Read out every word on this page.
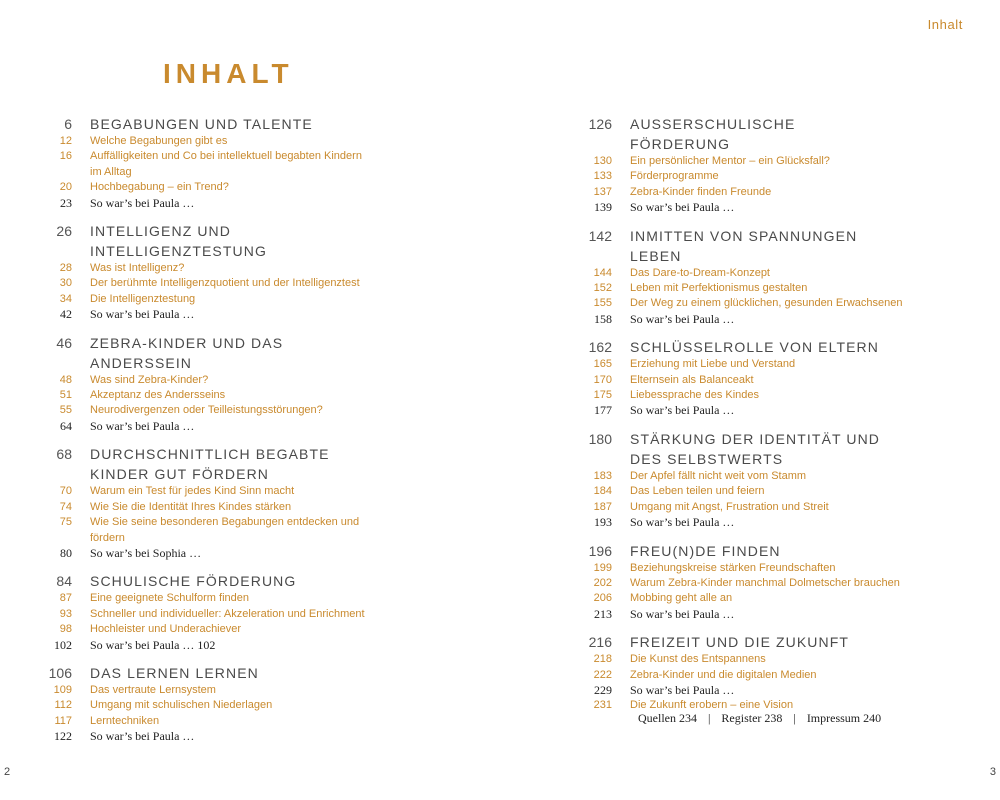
Inhalt
INHALT
6 BEGABUNGEN UND TALENTE
12 Welche Begabungen gibt es
16 Auffälligkeiten und Co bei intellektuell begabten Kindern im Alltag
20 Hochbegabung – ein Trend?
23 So war’s bei Paula …
26 INTELLIGENZ UND INTELLIGENZTESTUNG
28 Was ist Intelligenz?
30 Der berühmte Intelligenzquotient und der Intelligenztest
34 Die Intelligenztestung
42 So war’s bei Paula …
46 ZEBRA-KINDER UND DAS ANDERSSEIN
48 Was sind Zebra-Kinder?
51 Akzeptanz des Andersseins
55 Neurodivergenzen oder Teilleistungsstörungen?
64 So war’s bei Paula …
68 DURCHSCHNITTLICH BEGABTE KINDER GUT FÖRDERN
70 Warum ein Test für jedes Kind Sinn macht
74 Wie Sie die Identität Ihres Kindes stärken
75 Wie Sie seine besonderen Begabungen entdecken und fördern
80 So war’s bei Sophia …
84 SCHULISCHE FÖRDERUNG
87 Eine geeignete Schulform finden
93 Schneller und individueller: Akzeleration und Enrichment
98 Hochleister und Underachiever
102 So war’s bei Paula … 102
106 DAS LERNEN LERNEN
109 Das vertraute Lernsystem
112 Umgang mit schulischen Niederlagen
117 Lerntechniken
122 So war’s bei Paula …
126 AUSSERSCHULISCHE FÖRDERUNG
130 Ein persönlicher Mentor – ein Glücksfall?
133 Förderprogramme
137 Zebra-Kinder finden Freunde
139 So war’s bei Paula …
142 INMITTEN VON SPANNUNGEN LEBEN
144 Das Dare-to-Dream-Konzept
152 Leben mit Perfektionismus gestalten
155 Der Weg zu einem glücklichen, gesunden Erwachsenen
158 So war’s bei Paula …
162 SCHLÜSSELROLLE VON ELTERN
165 Erziehung mit Liebe und Verstand
170 Elternsein als Balanceakt
175 Liebessprache des Kindes
177 So war’s bei Paula …
180 STÄRKUNG DER IDENTITÄT UND DES SELBSTWERTS
183 Der Apfel fällt nicht weit vom Stamm
184 Das Leben teilen und feiern
187 Umgang mit Angst, Frustration und Streit
193 So war’s bei Paula …
196 FREU(N)DE FINDEN
199 Beziehungskreise stärken Freundschaften
202 Warum Zebra-Kinder manchmal Dolmetscher brauchen
206 Mobbing geht alle an
213 So war’s bei Paula …
216 FREIZEIT UND DIE ZUKUNFT
218 Die Kunst des Entspannens
222 Zebra-Kinder und die digitalen Medien
229 So war’s bei Paula …
231 Die Zukunft erobern – eine Vision
Quellen 234 | Register 238 | Impressum 240
2	3
